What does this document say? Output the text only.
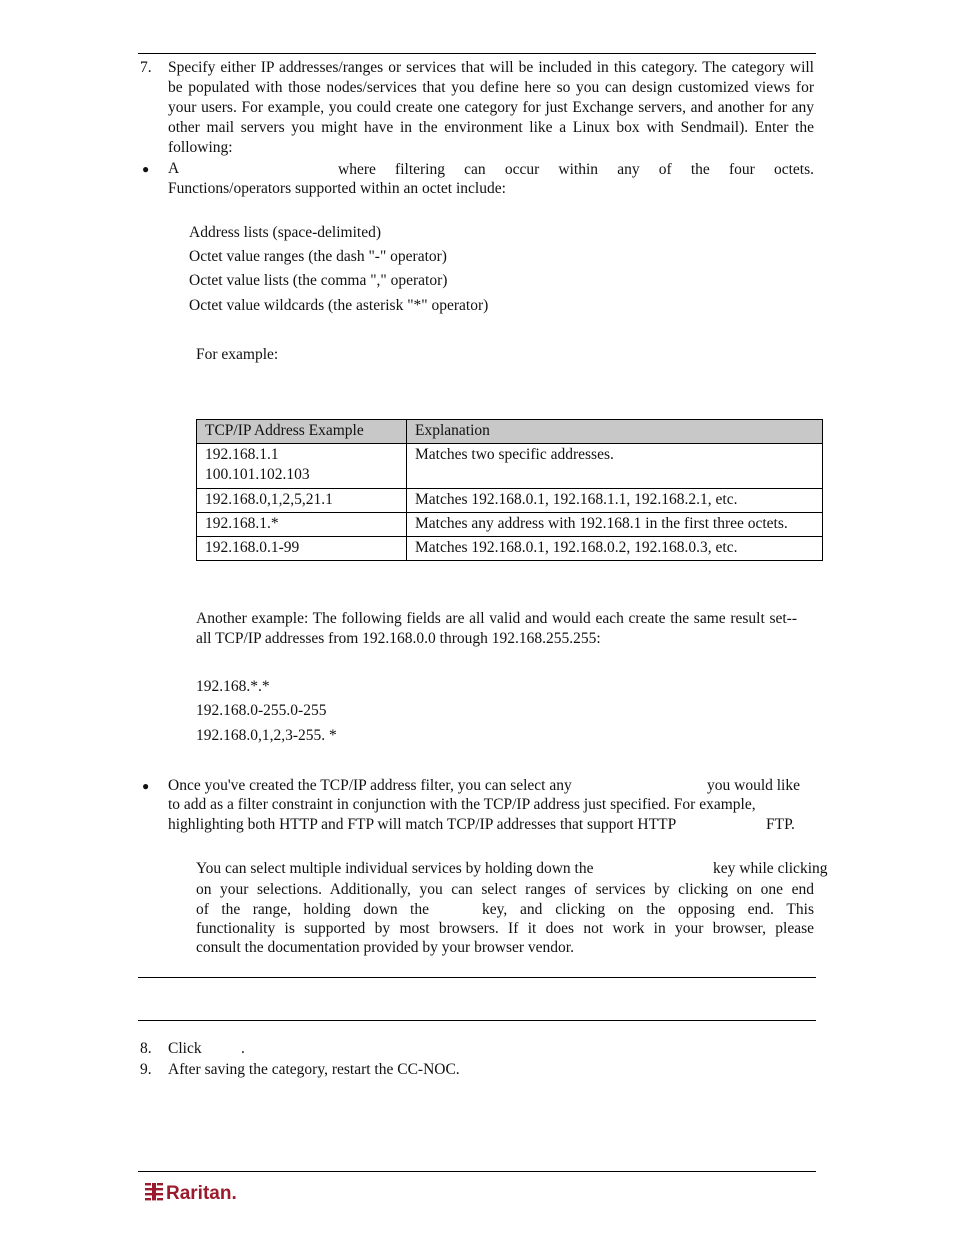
7. Specify either IP addresses/ranges or services that will be included in this category. The category will be populated with those nodes/services that you define here so you can design customized views for your users. For example, you could create one category for just Exchange servers, and another for any other mail servers you might have in the environment like a Linux box with Sendmail). Enter the following:
● A	where filtering can occur within any of the four octets.
Functions/operators supported within an octet include:
Address lists (space-delimited)
Octet value ranges (the dash "-" operator)
Octet value lists (the comma "," operator)
Octet value wildcards (the asterisk "*" operator)
For example:
TCP/IP Address Example	Explanation

192.168.1.1
100.101.102.103	Matches two specific addresses.

192.168.0,1,2,5,21.1	Matches 192.168.0.1, 192.168.1.1, 192.168.2.1, etc.

192.168.1.*	Matches any address with 192.168.1 in the first three octets.

192.168.0.1-99	Matches 192.168.0.1, 192.168.0.2, 192.168.0.3, etc.
Another example: The following fields are all valid and would each create the same result set--all TCP/IP addresses from 192.168.0.0 through 192.168.255.255:
192.168.*.*
192.168.0-255.0-255
192.168.0,1,2,3-255. *
● Once you've created the TCP/IP address filter, you can select any	you would like
to add as a filter constraint in conjunction with the TCP/IP address just specified. For example,
highlighting both HTTP and FTP will match TCP/IP addresses that support HTTP	FTP.
You can select multiple individual services by holding down the	key while clicking
on your selections. Additionally, you can select ranges of services by clicking on one end
of the range, holding down the	key, and clicking on the opposing end. This
functionality is supported by most browsers. If it does not work in your browser, please
consult the documentation provided by your browser vendor.
8. Click	.
9. After saving the category, restart the CC-NOC.
Raritan.
